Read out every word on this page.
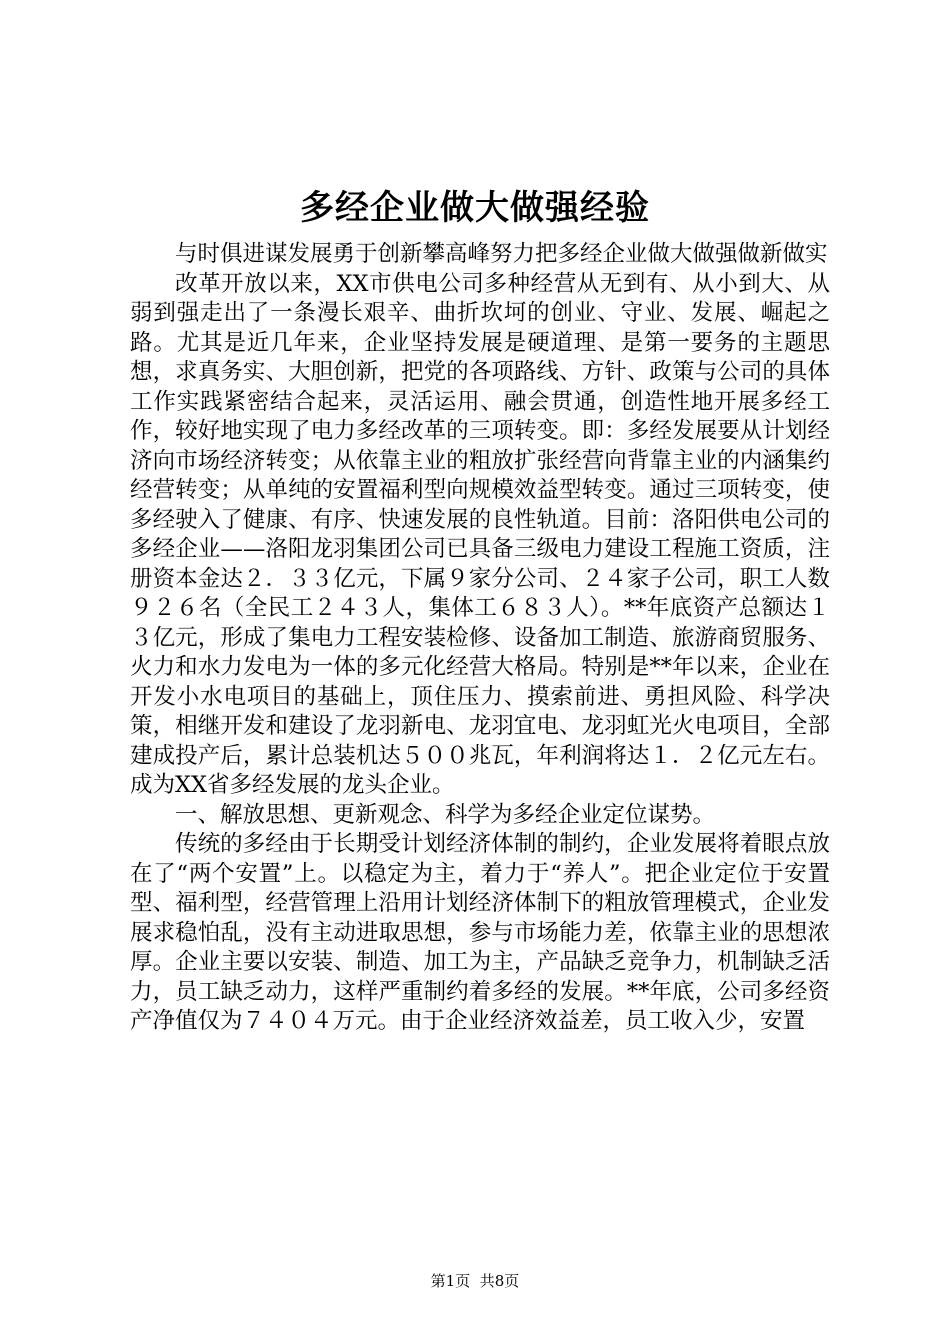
多经企业做大做强经验

与时俱进谋发展勇于创新攀高峰努力把多经企业做大做强做新做实

改革开放以来，XX市供电公司多种经营从无到有、从小到大、从弱到强走出了一条漫长艰辛、曲折坎坷的创业、守业、发展、崛起之路。尤其是近几年来，企业坚持发展是硬道理、是第一要务的主题思想，求真务实、大胆创新，把党的各项路线、方针、政策与公司的具体工作实践紧密结合起来，灵活运用、融会贯通，创造性地开展多经工作，较好地实现了电力多经改革的三项转变。即：多经发展要从计划经济向市场经济转变；从依靠主业的粗放扩张经营向背靠主业的内涵集约经营转变；从单纯的安置福利型向规模效益型转变。通过三项转变，使多经驶入了健康、有序、快速发展的良性轨道。目前：洛阳供电公司的多经企业——洛阳龙羽集团公司已具备三级电力建设工程施工资质，注册资本金达２．３３亿元，下属９家分公司、２４家子公司，职工人数９２６名（全民工２４３人，集体工６８３人）。**年底资产总额达１３亿元，形成了集电力工程安装检修、设备加工制造、旅游商贸服务、火力和水力发电为一体的多元化经营大格局。特别是**年以来，企业在开发小水电项目的基础上，顶住压力、摸索前进、勇担风险、科学决策，相继开发和建设了龙羽新电、龙羽宜电、龙羽虹光火电项目，全部建成投产后，累计总装机达５００兆瓦，年利润将达１．２亿元左右。成为XX省多经发展的龙头企业。

一、解放思想、更新观念、科学为多经企业定位谋势。

传统的多经由于长期受计划经济体制的制约，企业发展将着眼点放在了“两个安置”上。以稳定为主，着力于“养人”。把企业定位于安置型、福利型，经营管理上沿用计划经济体制下的粗放管理模式，企业发展求稳怕乱，没有主动进取思想，参与市场能力差，依靠主业的思想浓厚。企业主要以安装、制造、加工为主，产品缺乏竞争力，机制缺乏活力，员工缺乏动力，这样严重制约着多经的发展。**年底，公司多经资产净值仅为７４０４万元。由于企业经济效益差，员工收入少，安置

第1页 共8页
